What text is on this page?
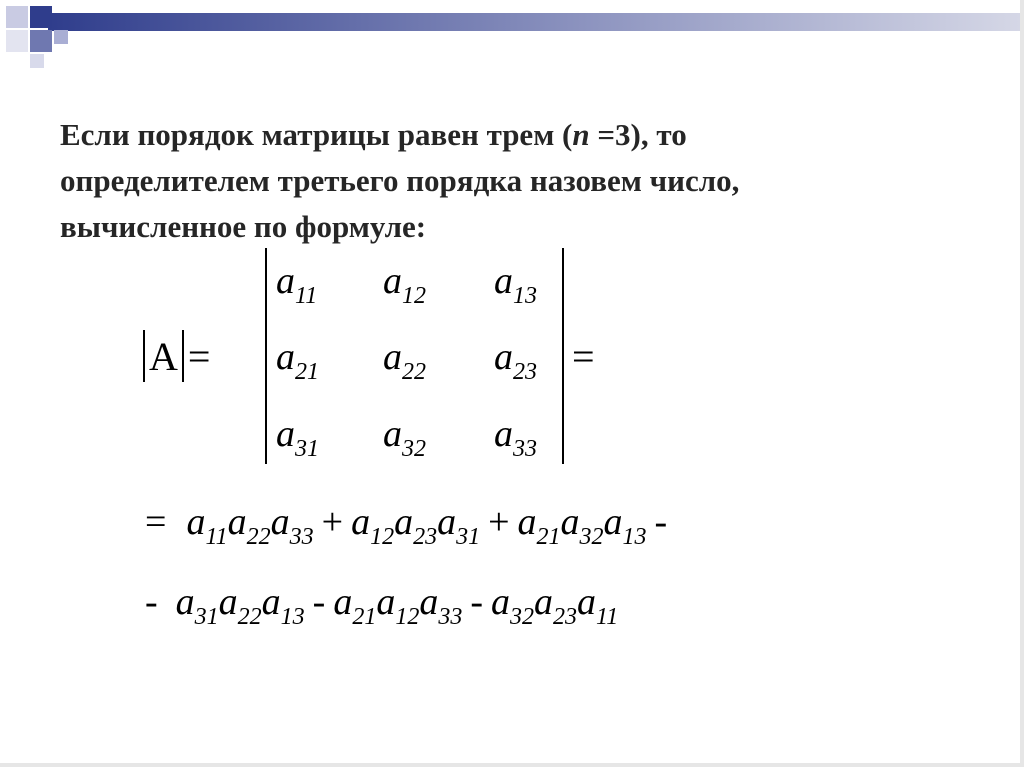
Если порядок матрицы равен трем (n =3), то

определителем третьего порядка назовем число,

вычисленное по формуле:

A =
$a_{11}$ $a_{12}$ $a_{13}$
$a_{21}$ $a_{22}$ $a_{23}$
$a_{31}$ $a_{32}$ $a_{33}$
=
= $a_{11}a_{22}a_{33} + a_{12}a_{23}a_{31} + a_{21}a_{32}a_{13}$ -
- $a_{31}a_{22}a_{13} - a_{21}a_{12}a_{33} - a_{32}a_{23}a_{11}$
